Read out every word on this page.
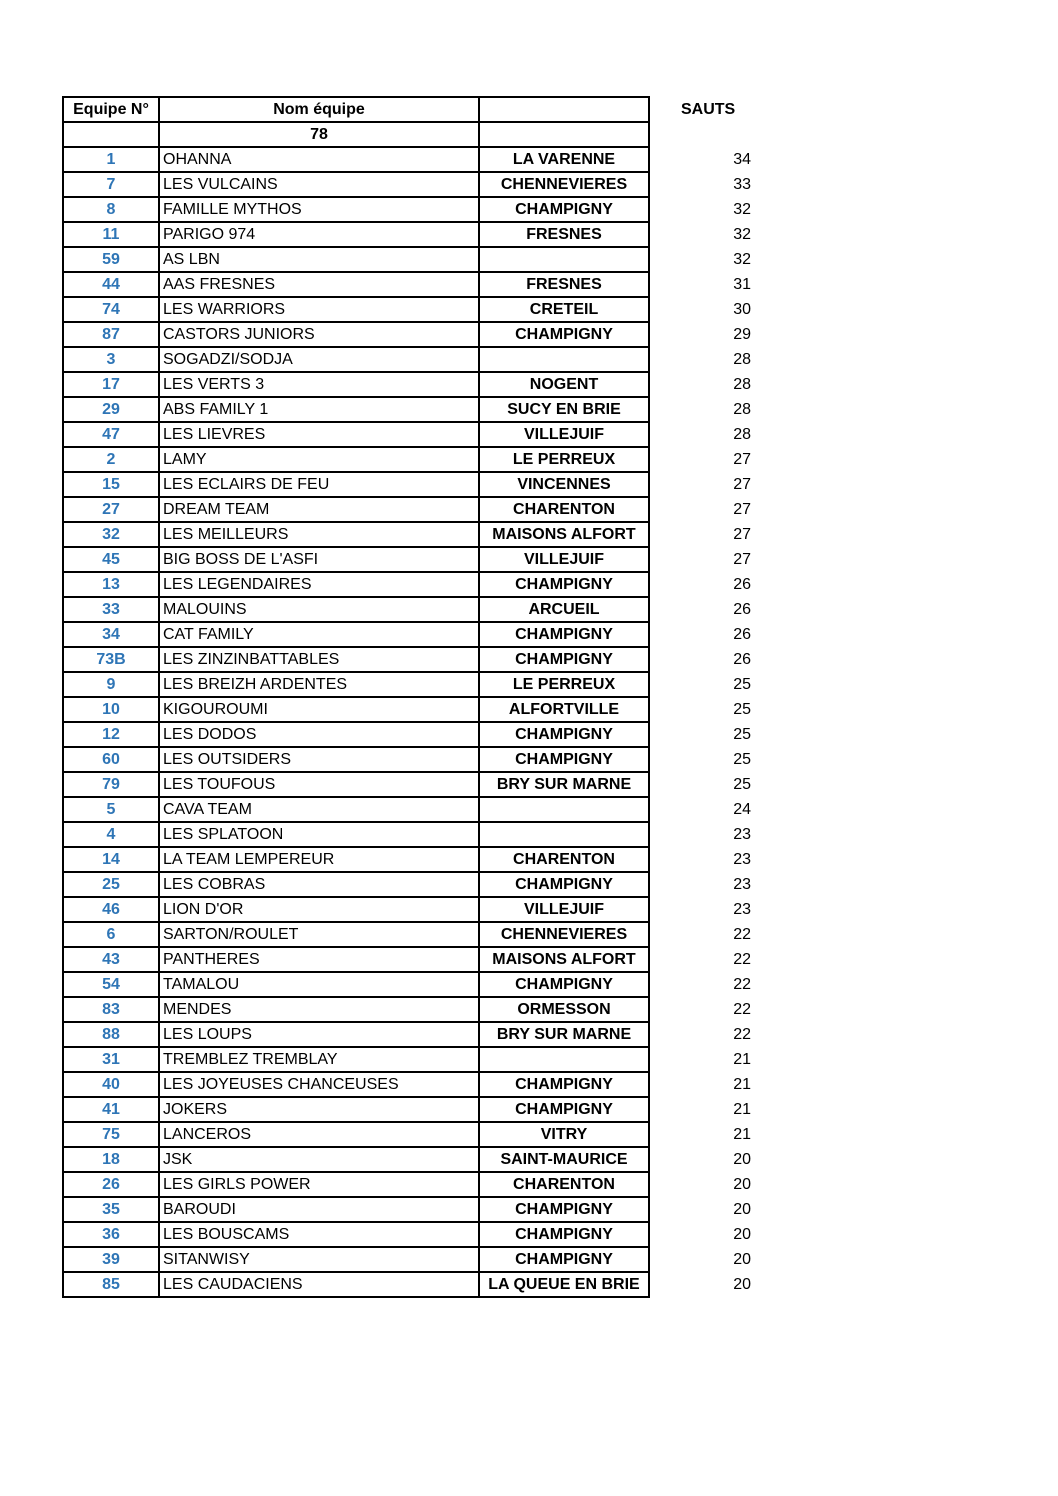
Equipe N°	Nom équipe			SAUTS
	78			
1	OHANNA	LA VARENNE		34
7	LES VULCAINS	CHENNEVIERES		33
8	FAMILLE MYTHOS	CHAMPIGNY		32
11	PARIGO 974	FRESNES		32
59	AS LBN			32
44	AAS FRESNES	FRESNES		31
74	LES WARRIORS	CRETEIL		30
87	CASTORS JUNIORS	CHAMPIGNY		29
3	SOGADZI/SODJA			28
17	LES VERTS 3	NOGENT		28
29	ABS FAMILY 1	SUCY EN BRIE		28
47	LES LIEVRES	VILLEJUIF		28
2	LAMY	LE PERREUX		27
15	LES ECLAIRS DE FEU	VINCENNES		27
27	DREAM TEAM	CHARENTON		27
32	LES MEILLEURS	MAISONS ALFORT		27
45	BIG BOSS DE L'ASFI	VILLEJUIF		27
13	LES LEGENDAIRES	CHAMPIGNY		26
33	MALOUINS	ARCUEIL		26
34	CAT FAMILY	CHAMPIGNY		26
73B	LES ZINZINBATTABLES	CHAMPIGNY		26
9	LES BREIZH ARDENTES	LE PERREUX		25
10	KIGOUROUMI	ALFORTVILLE		25
12	LES DODOS	CHAMPIGNY		25
60	LES OUTSIDERS	CHAMPIGNY		25
79	LES TOUFOUS	BRY SUR MARNE		25
5	CAVA TEAM			24
4	LES SPLATOON			23
14	LA TEAM LEMPEREUR	CHARENTON		23
25	LES COBRAS	CHAMPIGNY		23
46	LION D'OR	VILLEJUIF		23
6	SARTON/ROULET	CHENNEVIERES		22
43	PANTHERES	MAISONS ALFORT		22
54	TAMALOU	CHAMPIGNY		22
83	MENDES	ORMESSON		22
88	LES LOUPS	BRY SUR MARNE		22
31	TREMBLEZ TREMBLAY			21
40	LES JOYEUSES CHANCEUSES	CHAMPIGNY		21
41	JOKERS	CHAMPIGNY		21
75	LANCEROS	VITRY		21
18	JSK	SAINT-MAURICE		20
26	LES GIRLS POWER	CHARENTON		20
35	BAROUDI	CHAMPIGNY		20
36	LES BOUSCAMS	CHAMPIGNY		20
39	SITANWISY	CHAMPIGNY		20
85	LES CAUDACIENS	LA QUEUE EN BRIE		20
